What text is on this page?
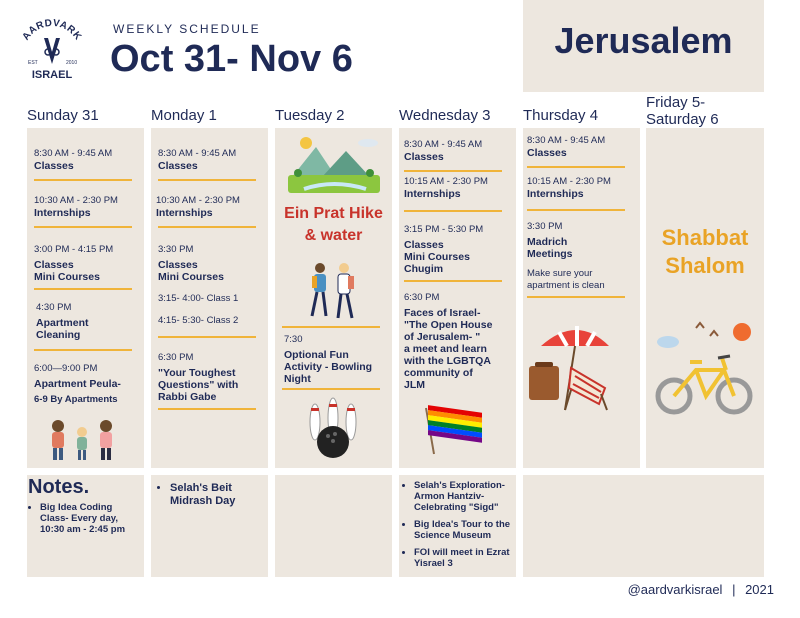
AARDVARK
EST	2010
ISRAEL
WEEKLY SCHEDULE
Oct 31- Nov 6	Jerusalem
Sunday 31	Monday 1	Tuesday 2	Wednesday 3 Thursday 4
Friday 5-
Saturday 6
8:30 AM - 9:45 AM
Classes
10:30 AM - 2:30 PM
Internships
3:00 PM - 4:15 PM
Classes
Mini Courses
4:30 PM
Apartment
Cleaning
6:00—9:00 PM
Apartment Peula-
6-9 By Apartments
8:30 AM - 9:45 AM
Classes
10:30 AM - 2:30 PM
Internships
3:30 PM
Classes
Mini Courses
3:15- 4:00- Class 1
4:15- 5:30- Class 2
6:30 PM
"Your Toughest
Questions" with
Rabbi Gabe
Ein Prat Hike
& water
7:30
Optional Fun
Activity - Bowling
Night
8:30 AM - 9:45 AM
Classes
10:15 AM - 2:30 PM
Internships
3:15 PM - 5:30 PM
Classes
Mini Courses
Chugim
6:30 PM
Faces of Israel-
"The Open House
of Jerusalem- "
a meet and learn
with the LGBTQA
community of
JLM
8:30 AM - 9:45 AM
Classes
10:15 AM - 2:30 PM
Internships
3:30 PM
Madrich
Meetings
Make sure your
apartment is clean
Shabbat
Shalom
Notes.
• Big Idea Coding Class- Every day, 10:30 am - 2:45 pm
• Selah's Beit Midrash Day
• Selah's Exploration- Armon Hantziv- Celebrating "Sigd"
• Big Idea's Tour to the Science Museum
• FOI will meet in Ezrat Yisrael 3
@aardvarkisrael | 2021
